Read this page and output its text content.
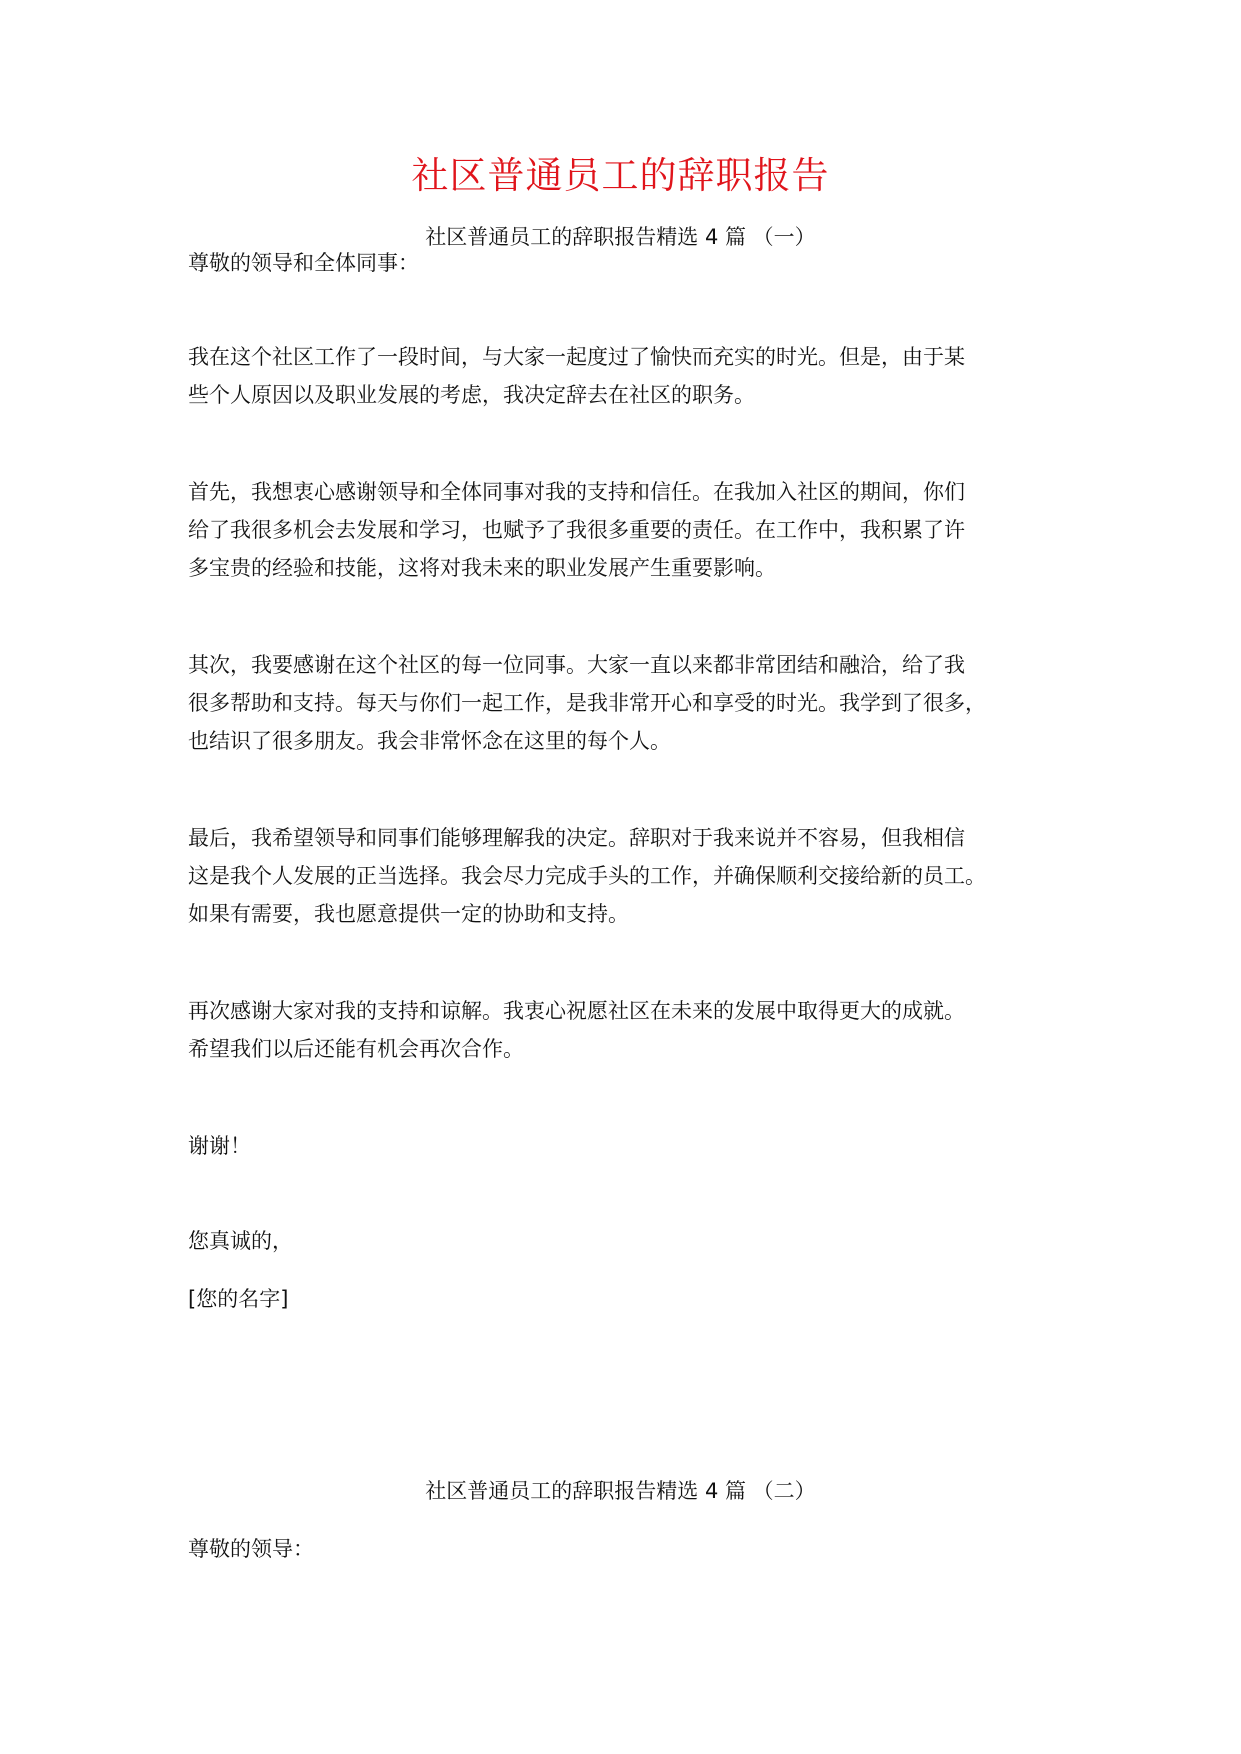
社区普通员工的辞职报告
社区普通员工的辞职报告精选 4 篇 （一）

尊敬的领导和全体同事：

我在这个社区工作了一段时间，与大家一起度过了愉快而充实的时光。但是，由于某
些个人原因以及职业发展的考虑，我决定辞去在社区的职务。

首先，我想衷心感谢领导和全体同事对我的支持和信任。在我加入社区的期间，你们
给了我很多机会去发展和学习，也赋予了我很多重要的责任。在工作中，我积累了许
多宝贵的经验和技能，这将对我未来的职业发展产生重要影响。

其次，我要感谢在这个社区的每一位同事。大家一直以来都非常团结和融洽，给了我
很多帮助和支持。每天与你们一起工作，是我非常开心和享受的时光。我学到了很多，
也结识了很多朋友。我会非常怀念在这里的每个人。

最后，我希望领导和同事们能够理解我的决定。辞职对于我来说并不容易，但我相信
这是我个人发展的正当选择。我会尽力完成手头的工作，并确保顺利交接给新的员工。
如果有需要，我也愿意提供一定的协助和支持。

再次感谢大家对我的支持和谅解。我衷心祝愿社区在未来的发展中取得更大的成就。
希望我们以后还能有机会再次合作。

谢谢！

您真诚的，

[您的名字]

社区普通员工的辞职报告精选 4 篇 （二）

尊敬的领导：
